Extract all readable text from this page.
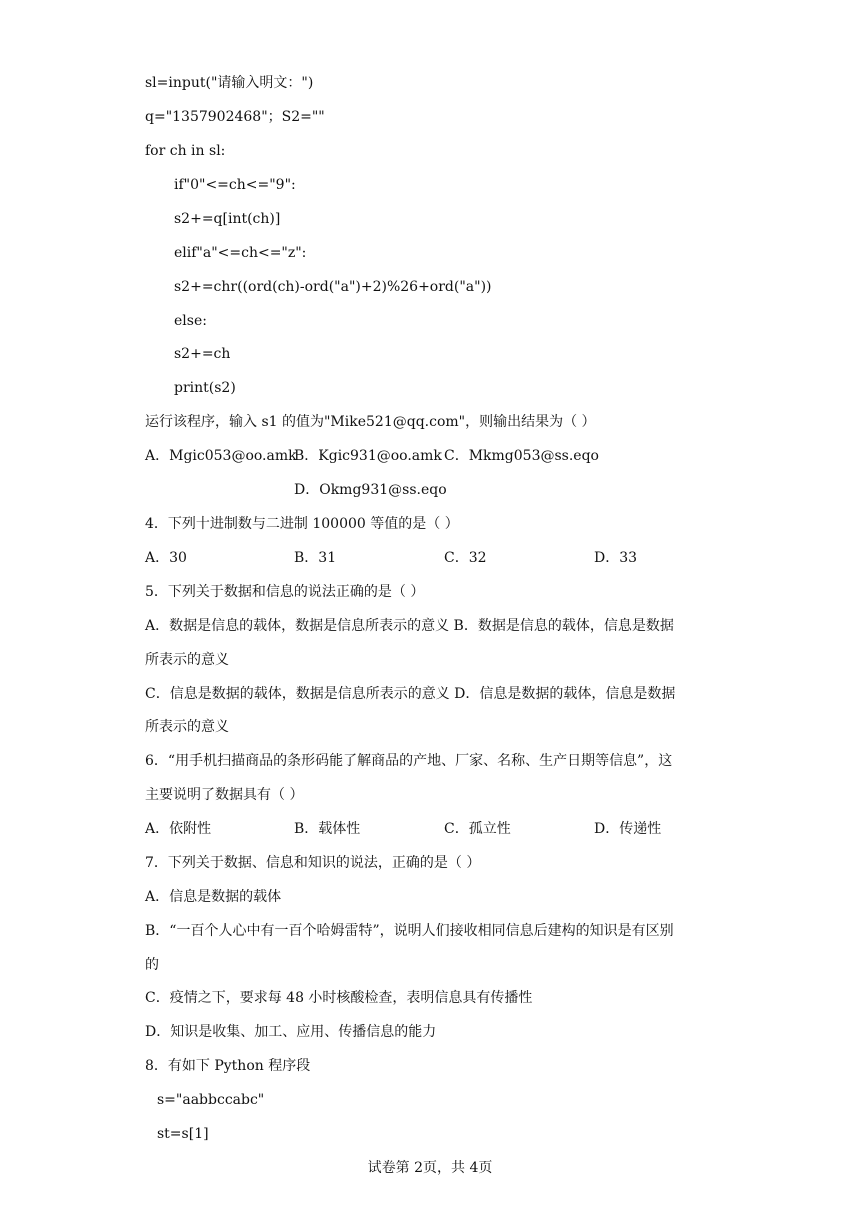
sl=input("请输入明文：")
q="1357902468"；S2=""
for ch in sl:
if"0"<=ch<="9":
s2+=q[int(ch)]
elif"a"<=ch<="z":
s2+=chr((ord(ch)-ord("a")+2)%26+ord("a"))
else:
s2+=ch
print(s2)
运行该程序，输入 s1 的值为"Mike521@qq.com"，则输出结果为（ ）
A．Mgic053@oo.amk
B．Kgic931@oo.amk C．Mkmg053@ss.eqo
D．Okmg931@ss.eqo
4．下列十进制数与二进制 100000 等值的是（ ）
A．30	B．31	C．32	D．33
5．下列关于数据和信息的说法正确的是（ ）
A．数据是信息的载体，数据是信息所表示的意义 B．数据是信息的载体，信息是数据
所表示的意义
C．信息是数据的载体，数据是信息所表示的意义 D．信息是数据的载体，信息是数据
所表示的意义
6．“用手机扫描商品的条形码能了解商品的产地、厂家、名称、生产日期等信息”，这
主要说明了数据具有（ ）
A．依附性	B．载体性	C．孤立性	D．传递性
7．下列关于数据、信息和知识的说法，正确的是（ ）
A．信息是数据的载体
B．“一百个人心中有一百个哈姆雷特”，说明人们接收相同信息后建构的知识是有区别
的
C．疫情之下，要求每 48 小时核酸检查，表明信息具有传播性
D．知识是收集、加工、应用、传播信息的能力
8．有如下 Python 程序段
s="aabbccabc"
st=s[1]
试卷第 2页，共 4页
